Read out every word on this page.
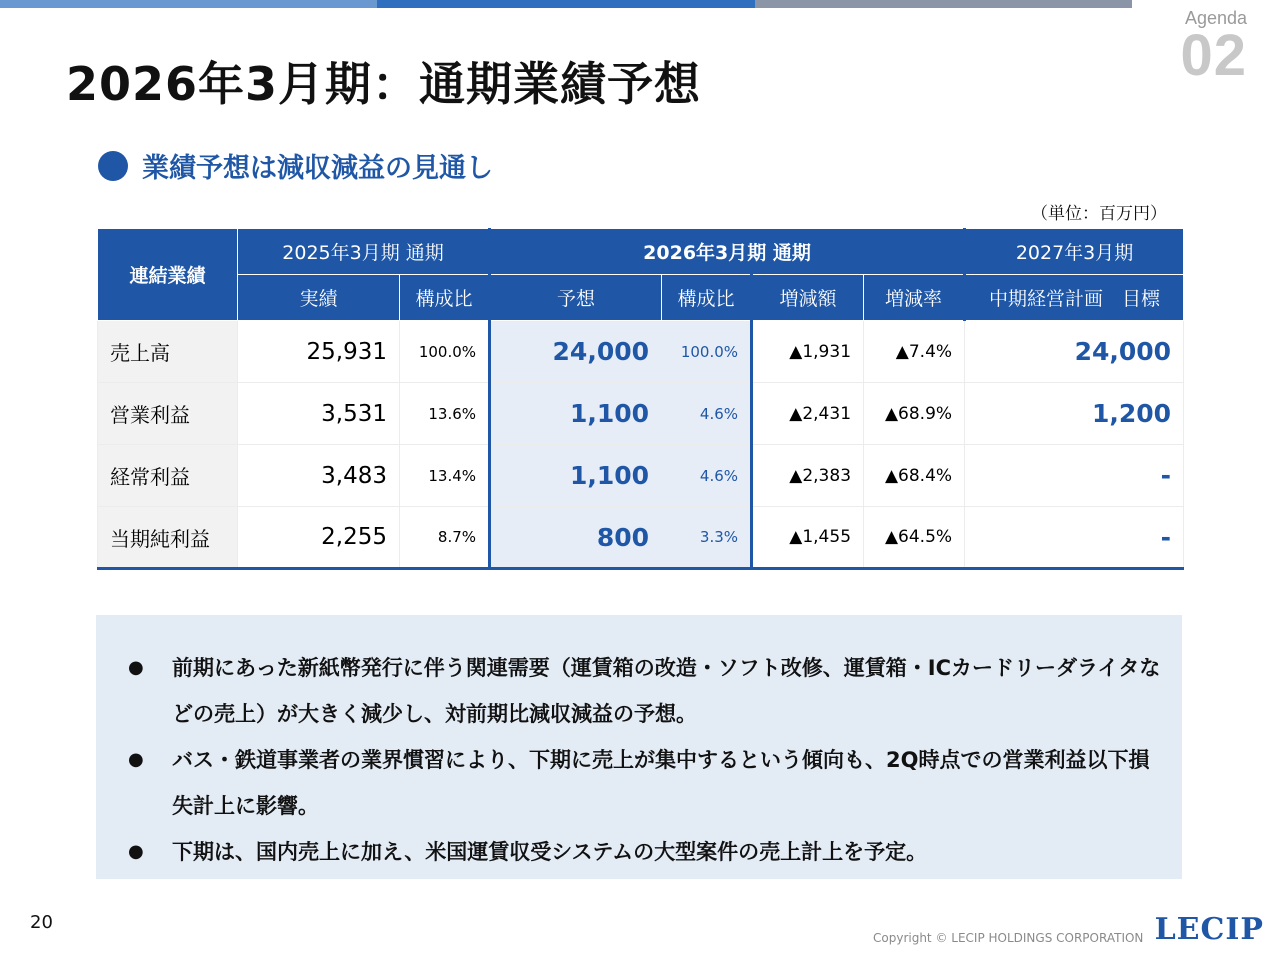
Agenda
02
2026年3月期：通期業績予想
業績予想は減収減益の見通し
（単位：百万円）
連結業績	2025年3月期 通期		2026年3月期 通期				2027年3月期
	実績	構成比	予想	構成比	増減額	増減率	中期経営計画　目標
売上高	25,931	100.0%	24,000	100.0%	▲1,931	▲7.4%	24,000
営業利益	3,531	13.6%	1,100	4.6%	▲2,431	▲68.9%	1,200
経常利益	3,483	13.4%	1,100	4.6%	▲2,383	▲68.4%	-
当期純利益	2,255	8.7%	800	3.3%	▲1,455	▲64.5%	-
●	前期にあった新紙幣発行に伴う関連需要（運賃箱の改造・ソフト改修、運賃箱・ICカードリーダライタなどの売上）が大きく減少し、対前期比減収減益の予想。
●	バス・鉄道事業者の業界慣習により、下期に売上が集中するという傾向も、2Q時点での営業利益以下損失計上に影響。
●	下期は、国内売上に加え、米国運賃収受システムの大型案件の売上計上を予定。
20
Copyright © LECIP HOLDINGS CORPORATION LECIP
